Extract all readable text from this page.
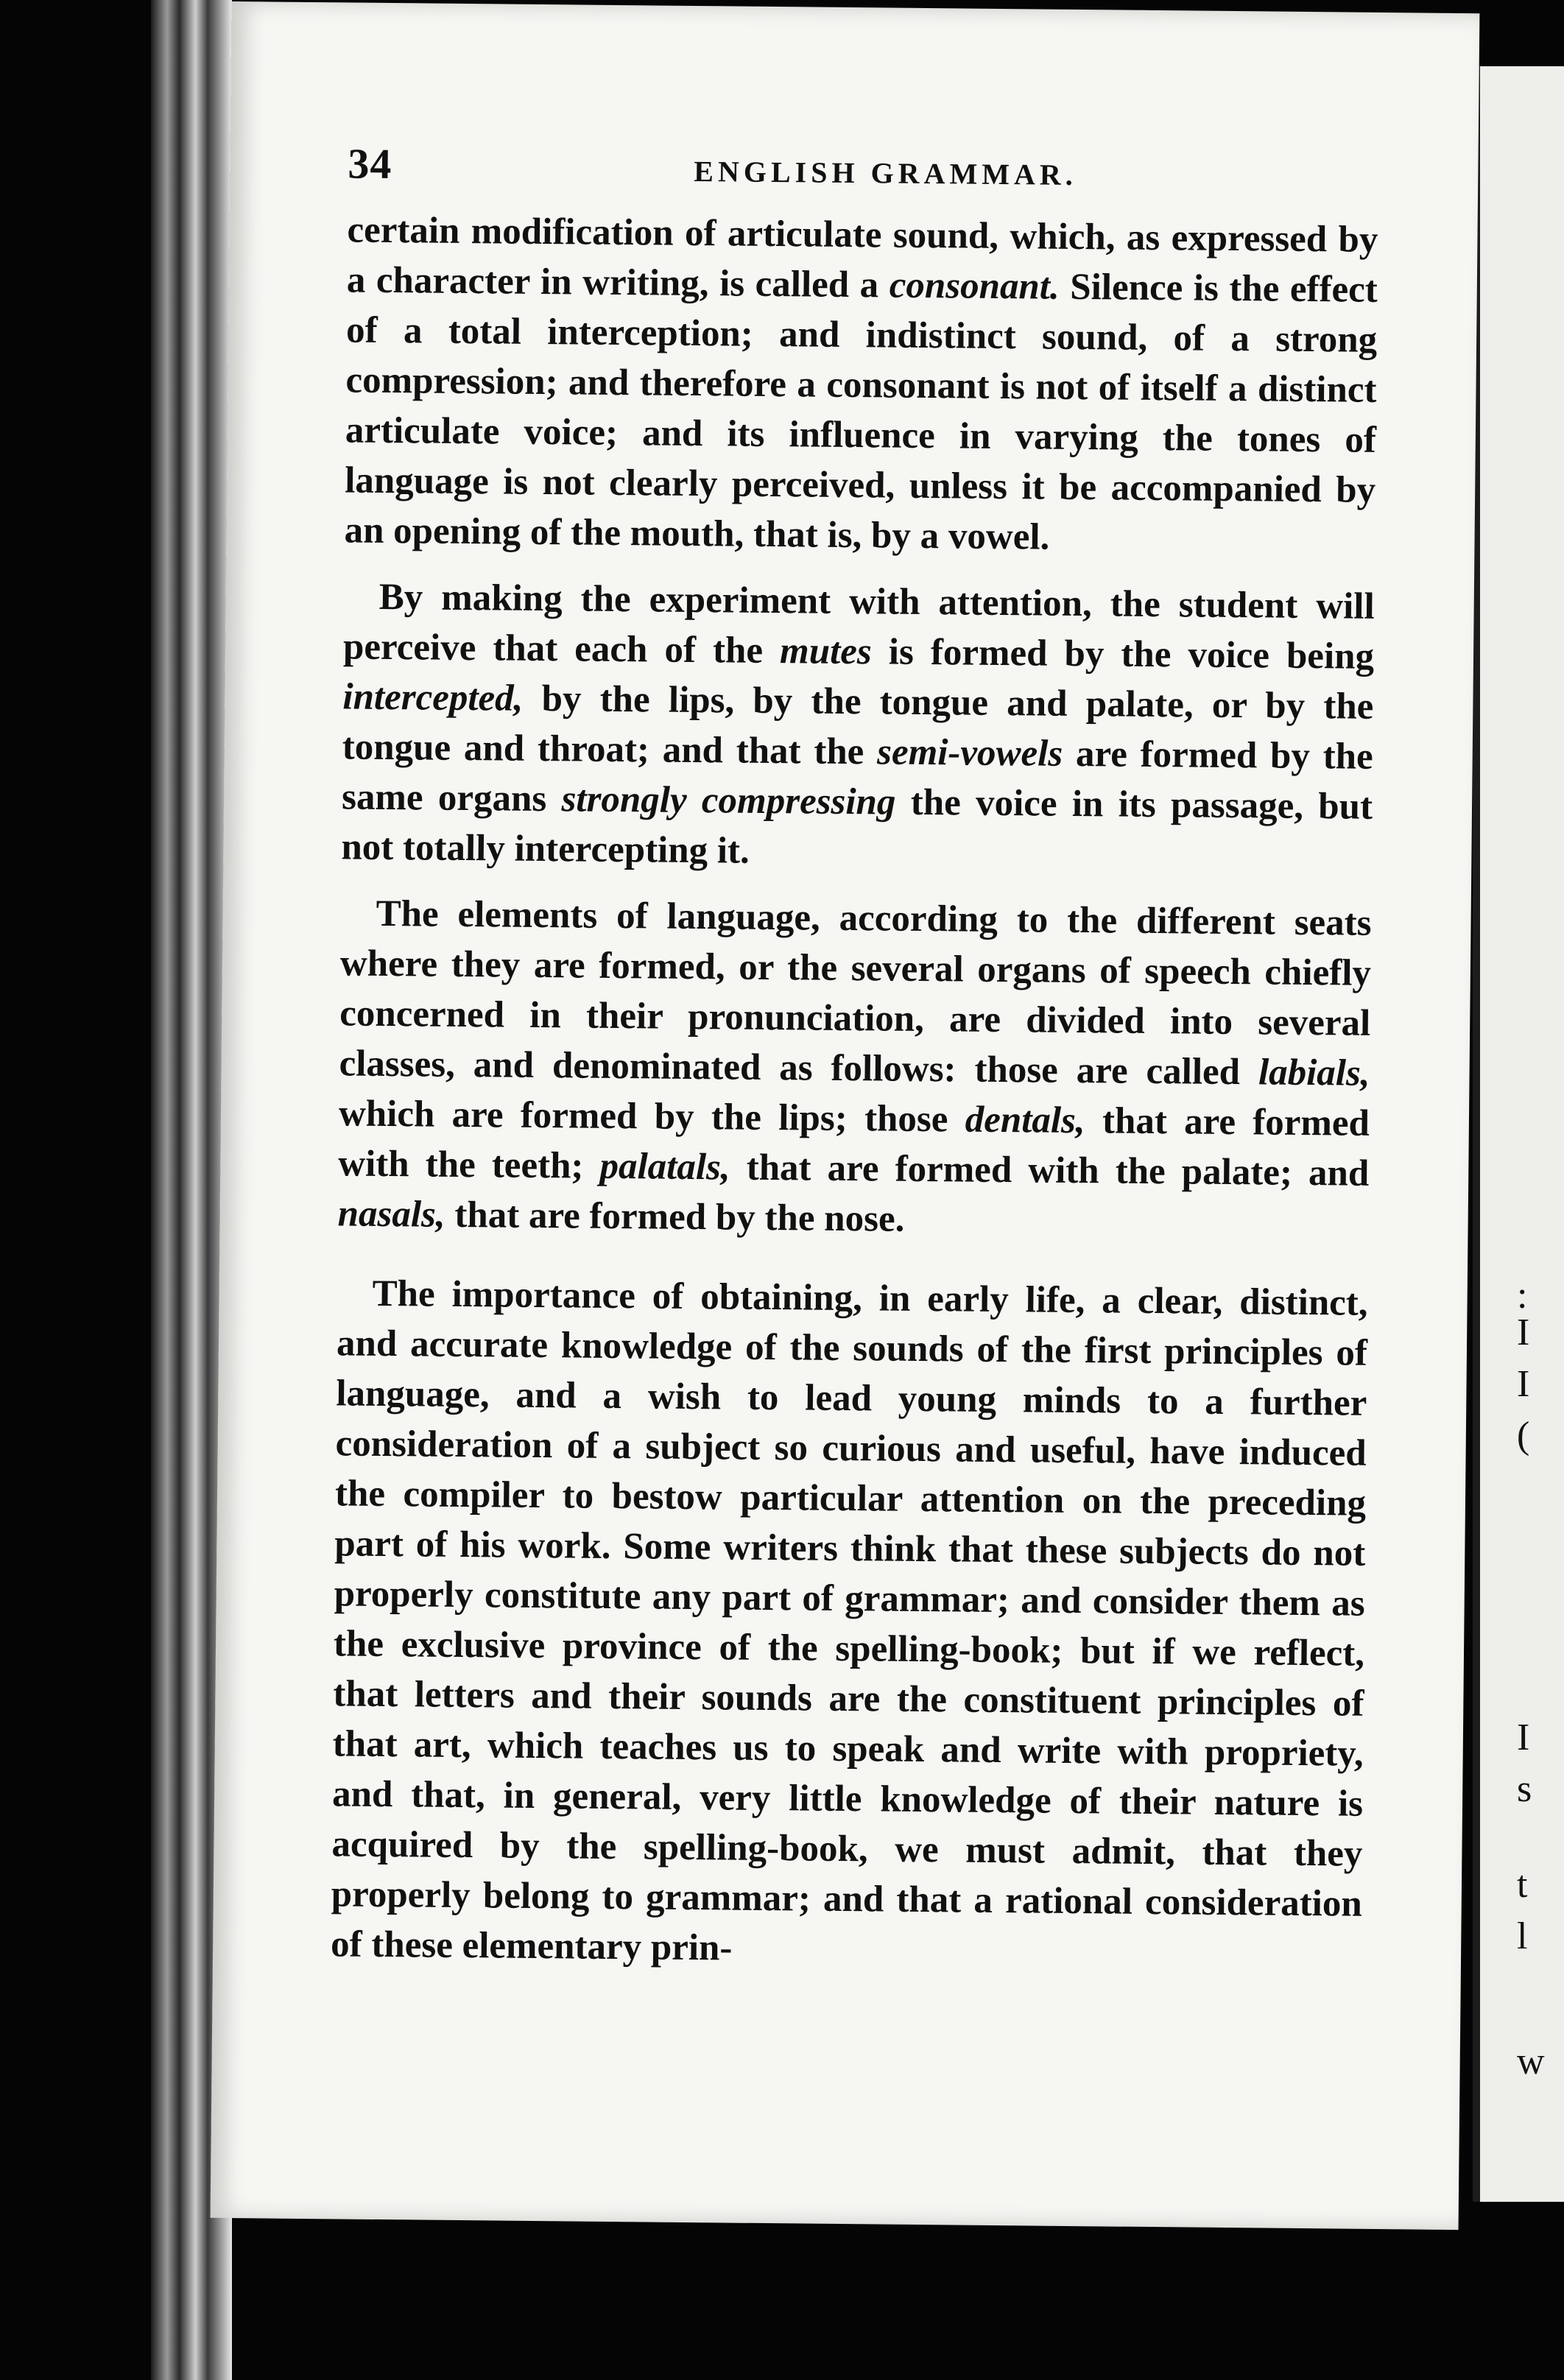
:
I
I
(
I
s
t
l
w
34	ENGLISH GRAMMAR.

certain modification of articulate sound, which, as expressed by a character in writing, is called a consonant. Silence is the effect of a total interception; and indistinct sound, of a strong compression; and therefore a consonant is not of itself a distinct articulate voice; and its influence in varying the tones of language is not clearly perceived, unless it be accompanied by an opening of the mouth, that is, by a vowel.

By making the experiment with attention, the student will perceive that each of the mutes is formed by the voice being intercepted, by the lips, by the tongue and palate, or by the tongue and throat; and that the semi-vowels are formed by the same organs strongly compressing the voice in its passage, but not totally intercepting it.

The elements of language, according to the different seats where they are formed, or the several organs of speech chiefly concerned in their pronunciation, are divided into several classes, and denominated as follows: those are called labials, which are formed by the lips; those dentals, that are formed with the teeth; palatals, that are formed with the palate; and nasals, that are formed by the nose.

The importance of obtaining, in early life, a clear, distinct, and accurate knowledge of the sounds of the first principles of language, and a wish to lead young minds to a further consideration of a subject so curious and useful, have induced the compiler to bestow particular attention on the preceding part of his work. Some writers think that these subjects do not properly constitute any part of grammar; and consider them as the exclusive province of the spelling-book; but if we reflect, that letters and their sounds are the constituent principles of that art, which teaches us to speak and write with propriety, and that, in general, very little knowledge of their nature is acquired by the spelling-book, we must admit, that they properly belong to grammar; and that a rational consideration of these elementary prin-
